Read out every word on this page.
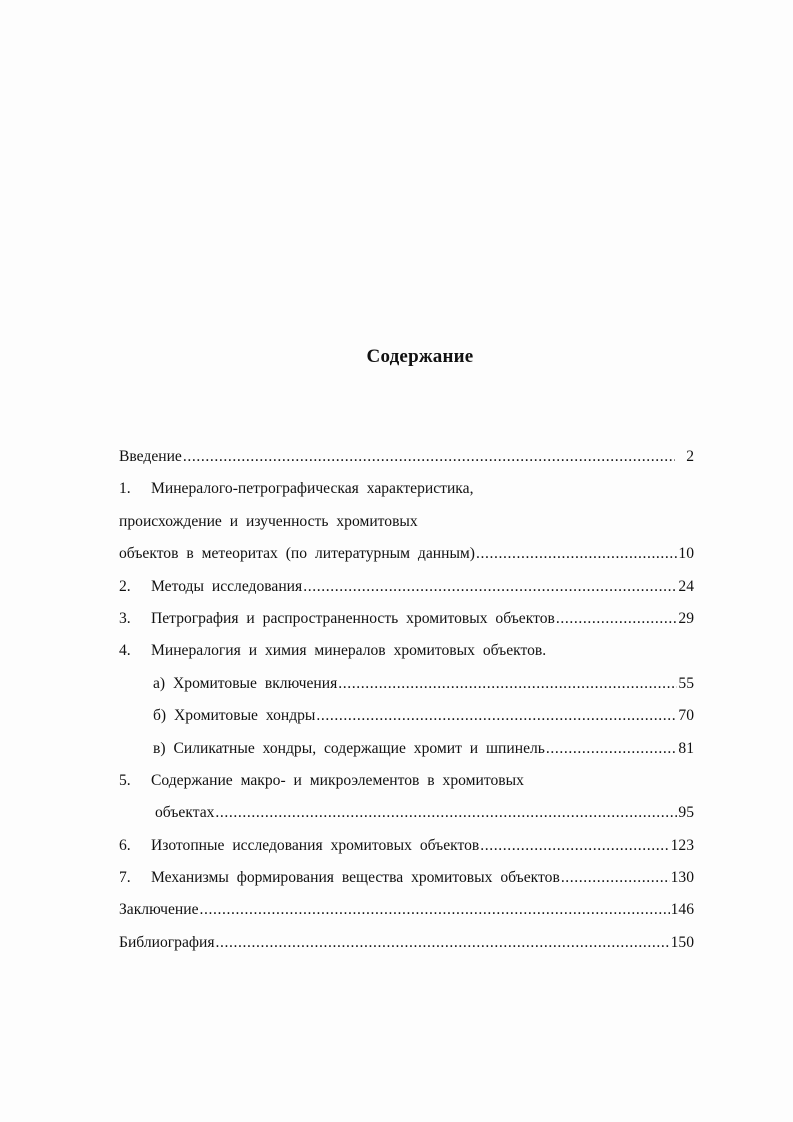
Содержание
Введение .....	2
1.	Минералого-петрографическая характеристика,
происхождение и изученность хромитовых
объектов в метеоритах (по литературным данным) .....	10
2.	Методы исследования .....	24
3.	Петрография и распространенность хромитовых объектов .....	29
4.	Минералогия и химия минералов хромитовых объектов.
а) Хромитовые включения .....	55
б) Хромитовые хондры .....	70
в) Силикатные хондры, содержащие хромит и шпинель .....	81
5.	Содержание макро- и микроэлементов в хромитовых
объектах .....	95
6.	Изотопные исследования хромитовых объектов .....	123
7.	Механизмы формирования вещества хромитовых объектов .....	130
Заключение .....	146
Библиография .....	150
